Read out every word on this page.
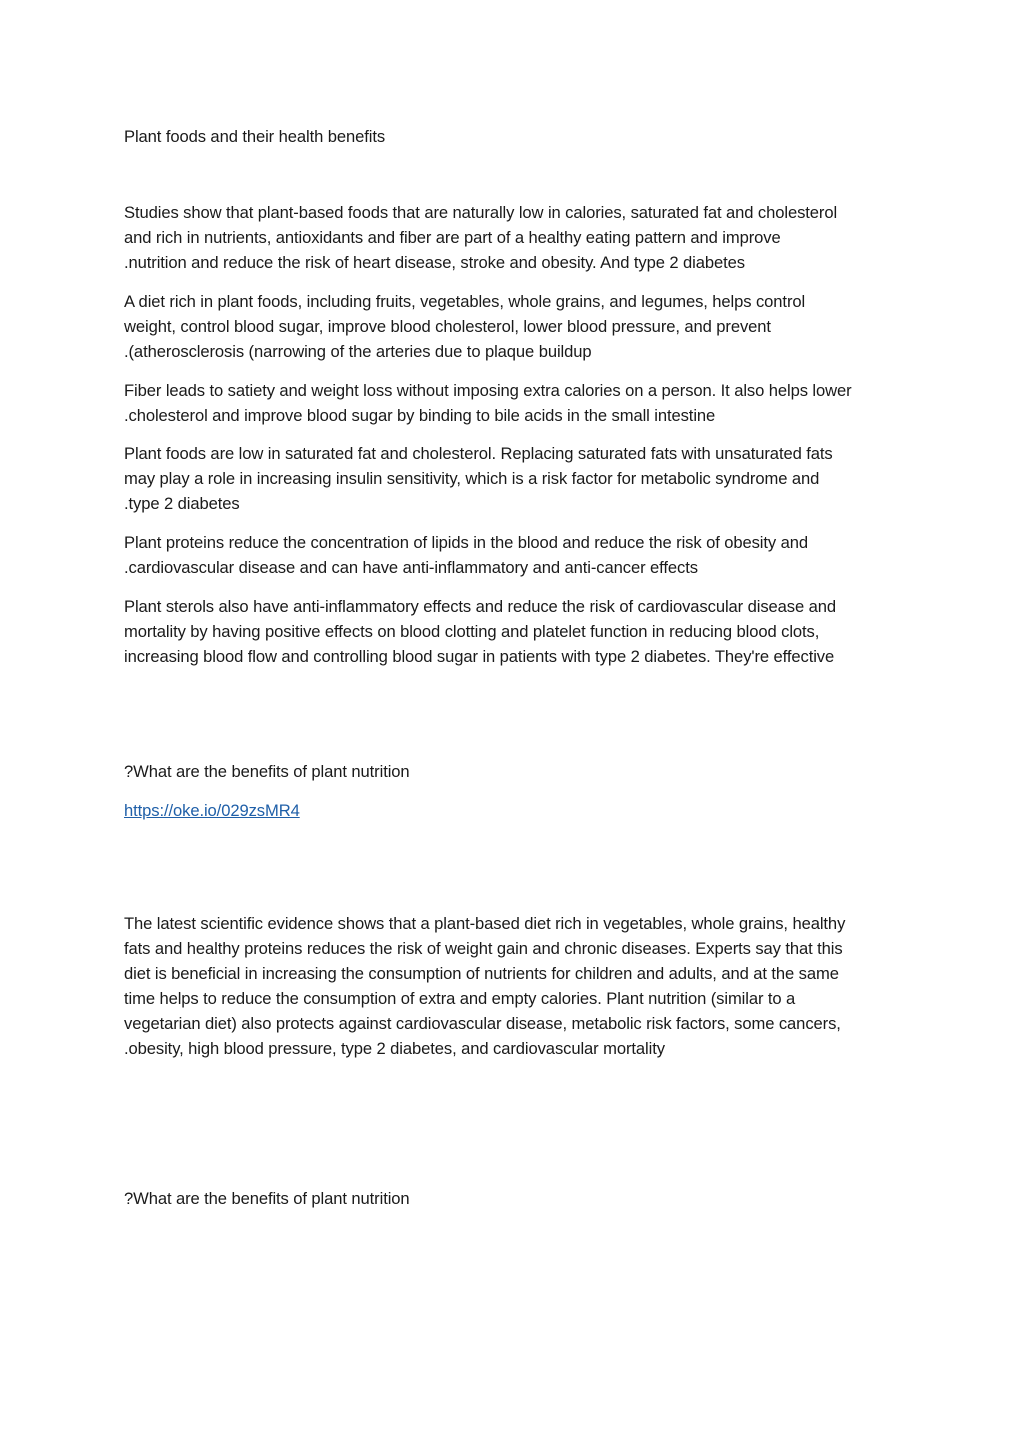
Plant foods and their health benefits

Studies show that plant-based foods that are naturally low in calories, saturated fat and cholesterol

and rich in nutrients, antioxidants and fiber are part of a healthy eating pattern and improve

.nutrition and reduce the risk of heart disease, stroke and obesity. And type 2 diabetes

A diet rich in plant foods, including fruits, vegetables, whole grains, and legumes, helps control

weight, control blood sugar, improve blood cholesterol, lower blood pressure, and prevent

.(atherosclerosis (narrowing of the arteries due to plaque buildup

Fiber leads to satiety and weight loss without imposing extra calories on a person. It also helps lower

.cholesterol and improve blood sugar by binding to bile acids in the small intestine

Plant foods are low in saturated fat and cholesterol. Replacing saturated fats with unsaturated fats

may play a role in increasing insulin sensitivity, which is a risk factor for metabolic syndrome and

.type 2 diabetes

Plant proteins reduce the concentration of lipids in the blood and reduce the risk of obesity and

.cardiovascular disease and can have anti-inflammatory and anti-cancer effects

Plant sterols also have anti-inflammatory effects and reduce the risk of cardiovascular disease and

mortality by having positive effects on blood clotting and platelet function in reducing blood clots,

increasing blood flow and controlling blood sugar in patients with type 2 diabetes. They're effective

?What are the benefits of plant nutrition

https://oke.io/029zsMR4

The latest scientific evidence shows that a plant-based diet rich in vegetables, whole grains, healthy

fats and healthy proteins reduces the risk of weight gain and chronic diseases. Experts say that this

diet is beneficial in increasing the consumption of nutrients for children and adults, and at the same

time helps to reduce the consumption of extra and empty calories. Plant nutrition (similar to a

vegetarian diet) also protects against cardiovascular disease, metabolic risk factors, some cancers,

.obesity, high blood pressure, type 2 diabetes, and cardiovascular mortality

?What are the benefits of plant nutrition
